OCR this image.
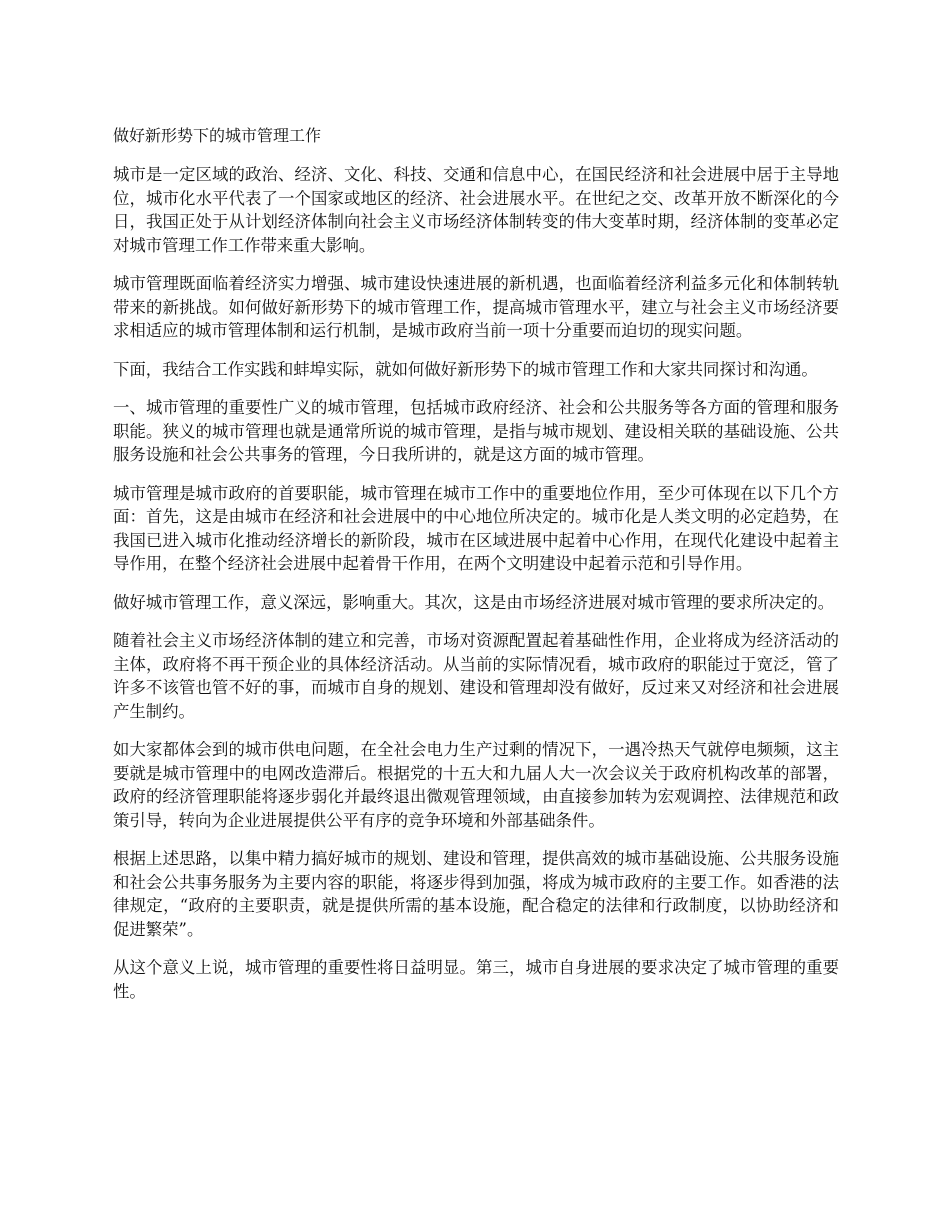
做好新形势下的城市管理工作

城市是一定区域的政治、经济、文化、科技、交通和信息中心，在国民经济和社会进展中居于主导地位，城市化水平代表了一个国家或地区的经济、社会进展水平。在世纪之交、改革开放不断深化的今日，我国正处于从计划经济体制向社会主义市场经济体制转变的伟大变革时期，经济体制的变革必定对城市管理工作工作带来重大影响。

城市管理既面临着经济实力增强、城市建设快速进展的新机遇，也面临着经济利益多元化和体制转轨带来的新挑战。如何做好新形势下的城市管理工作，提高城市管理水平，建立与社会主义市场经济要求相适应的城市管理体制和运行机制，是城市政府当前一项十分重要而迫切的现实问题。

下面，我结合工作实践和蚌埠实际，就如何做好新形势下的城市管理工作和大家共同探讨和沟通。

一、城市管理的重要性广义的城市管理，包括城市政府经济、社会和公共服务等各方面的管理和服务职能。狭义的城市管理也就是通常所说的城市管理，是指与城市规划、建设相关联的基础设施、公共服务设施和社会公共事务的管理，今日我所讲的，就是这方面的城市管理。

城市管理是城市政府的首要职能，城市管理在城市工作中的重要地位作用，至少可体现在以下几个方面：首先，这是由城市在经济和社会进展中的中心地位所决定的。城市化是人类文明的必定趋势，在我国已进入城市化推动经济增长的新阶段，城市在区域进展中起着中心作用，在现代化建设中起着主导作用，在整个经济社会进展中起着骨干作用，在两个文明建设中起着示范和引导作用。

做好城市管理工作，意义深远，影响重大。其次，这是由市场经济进展对城市管理的要求所决定的。

随着社会主义市场经济体制的建立和完善，市场对资源配置起着基础性作用，企业将成为经济活动的主体，政府将不再干预企业的具体经济活动。从当前的实际情况看，城市政府的职能过于宽泛，管了许多不该管也管不好的事，而城市自身的规划、建设和管理却没有做好，反过来又对经济和社会进展产生制约。

如大家都体会到的城市供电问题，在全社会电力生产过剩的情况下，一遇冷热天气就停电频频，这主要就是城市管理中的电网改造滞后。根据党的十五大和九届人大一次会议关于政府机构改革的部署，政府的经济管理职能将逐步弱化并最终退出微观管理领域，由直接参加转为宏观调控、法律规范和政策引导，转向为企业进展提供公平有序的竞争环境和外部基础条件。

根据上述思路，以集中精力搞好城市的规划、建设和管理，提供高效的城市基础设施、公共服务设施和社会公共事务服务为主要内容的职能，将逐步得到加强，将成为城市政府的主要工作。如香港的法律规定，“政府的主要职责，就是提供所需的基本设施，配合稳定的法律和行政制度，以协助经济和促进繁荣”。

从这个意义上说，城市管理的重要性将日益明显。第三，城市自身进展的要求决定了城市管理的重要性。
